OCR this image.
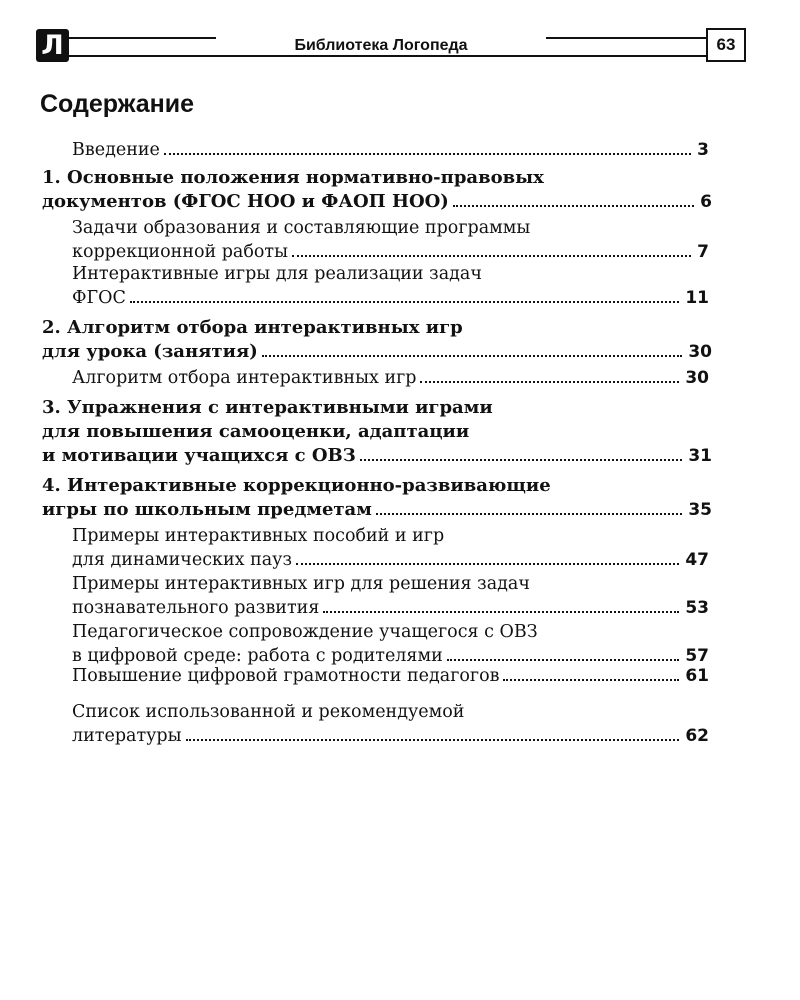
Л	Библиотека Логопеда	63
Содержание
Введение	3
1. Основные положения нормативно-правовых
документов (ФГОС НОО и ФАОП НОО)	6
Задачи образования и составляющие программы
коррекционной работы	7
Интерактивные игры для реализации задач
ФГОС	11
2. Алгоритм отбора интерактивных игр
для урока (занятия)	30
Алгоритм отбора интерактивных игр	30
3. Упражнения с интерактивными играми
для повышения самооценки, адаптации
и мотивации учащихся с ОВЗ	31
4. Интерактивные коррекционно-развивающие
игры по школьным предметам	35
Примеры интерактивных пособий и игр
для динамических пауз	47
Примеры интерактивных игр для решения задач
познавательного развития	53
Педагогическое сопровождение учащегося с ОВЗ
в цифровой среде: работа с родителями	57
Повышение цифровой грамотности педагогов	61
Список использованной и рекомендуемой
литературы	62
